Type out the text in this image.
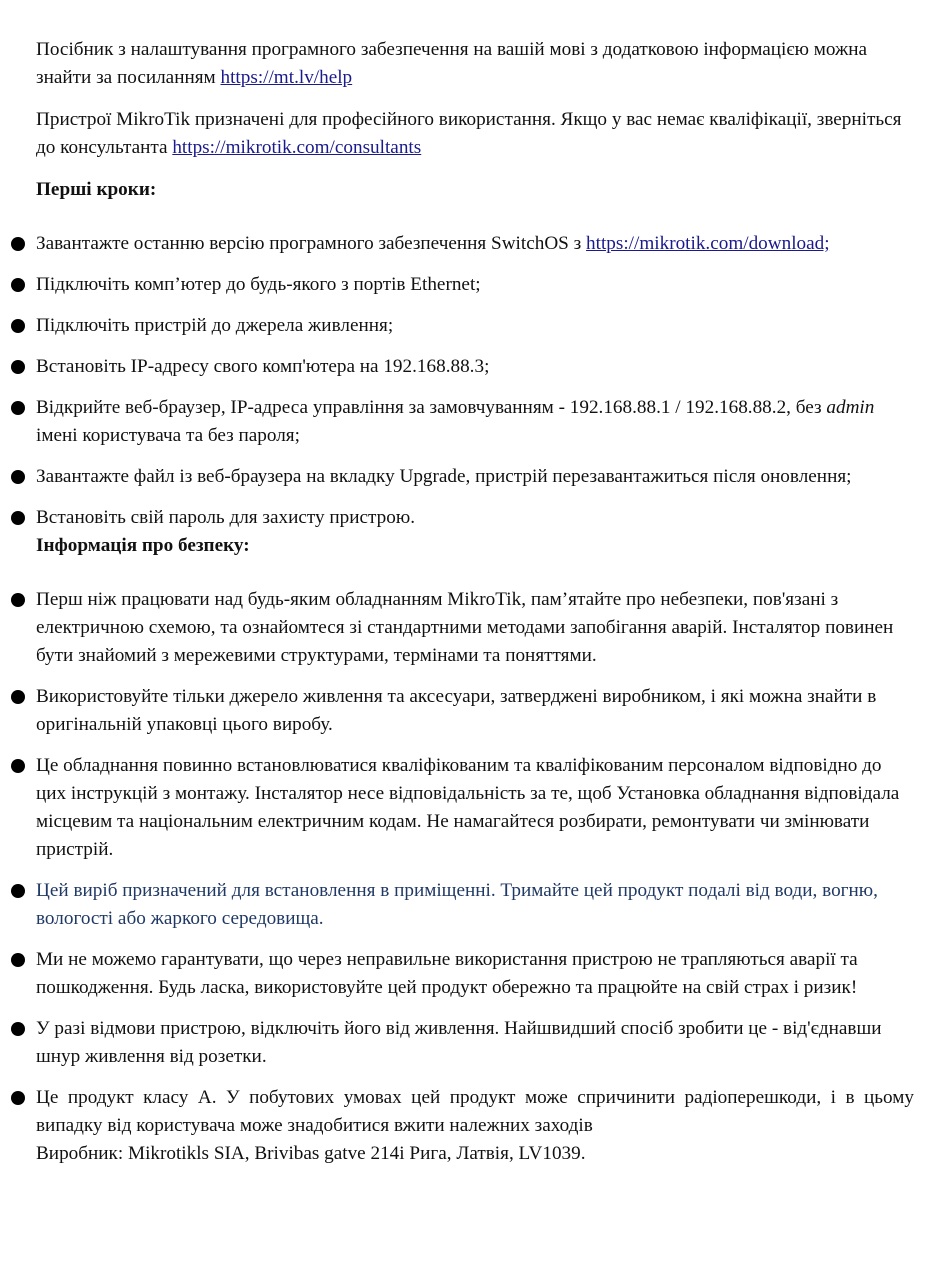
Посібник з налаштування програмного забезпечення на вашій мові з додатковою інформацією можна знайти за посиланням https://mt.lv/help

Пристрої MikroTik призначені для професійного використання. Якщо у вас немає кваліфікації, зверніться до консультанта https://mikrotik.com/consultants

Перші кроки:

Завантажте останню версію програмного забезпечення SwitchOS з https://mikrotik.com/download;
Підключіть комп’ютер до будь-якого з портів Ethernet;
Підключіть пристрій до джерела живлення;
Встановіть IP-адресу свого комп'ютера на 192.168.88.3;
Відкрийте веб-браузер, IP-адреса управління за замовчуванням - 192.168.88.1 / 192.168.88.2, без admin імені користувача та без пароля;
Завантажте файл із веб-браузера на вкладку Upgrade, пристрій перезавантажиться після оновлення;
Встановіть свій пароль для захисту пристрою.

Інформація про безпеку:

Перш ніж працювати над будь-яким обладнанням MikroTik, пам’ятайте про небезпеки, пов'язані з електричною схемою, та ознайомтеся зі стандартними методами запобігання аварій. Інсталятор повинен бути знайомий з мережевими структурами, термінами та поняттями.
Використовуйте тільки джерело живлення та аксесуари, затверджені виробником, і які можна знайти в оригінальній упаковці цього виробу.
Це обладнання повинно встановлюватися кваліфікованим та кваліфікованим персоналом відповідно до цих інструкцій з монтажу. Інсталятор несе відповідальність за те, щоб Установка обладнання відповідала місцевим та національним електричним кодам. Не намагайтеся розбирати, ремонтувати чи змінювати пристрій.
Цей виріб призначений для встановлення в приміщенні. Тримайте цей продукт подалі від води, вогню, вологості або жаркого середовища.
Ми не можемо гарантувати, що через неправильне використання пристрою не трапляються аварії та пошкодження. Будь ласка, використовуйте цей продукт обережно та працюйте на свій страх і ризик!
У разі відмови пристрою, відключіть його від живлення. Найшвидший спосіб зробити це - від'єднавши шнур живлення від розетки.
Це продукт класу А. У побутових умовах цей продукт може спричинити радіоперешкоди, і в цьому випадку від користувача може знадобитися вжити належних заходів
Виробник: Mikrotikls SIA, Brivibas gatve 214i Рига, Латвія, LV1039.
